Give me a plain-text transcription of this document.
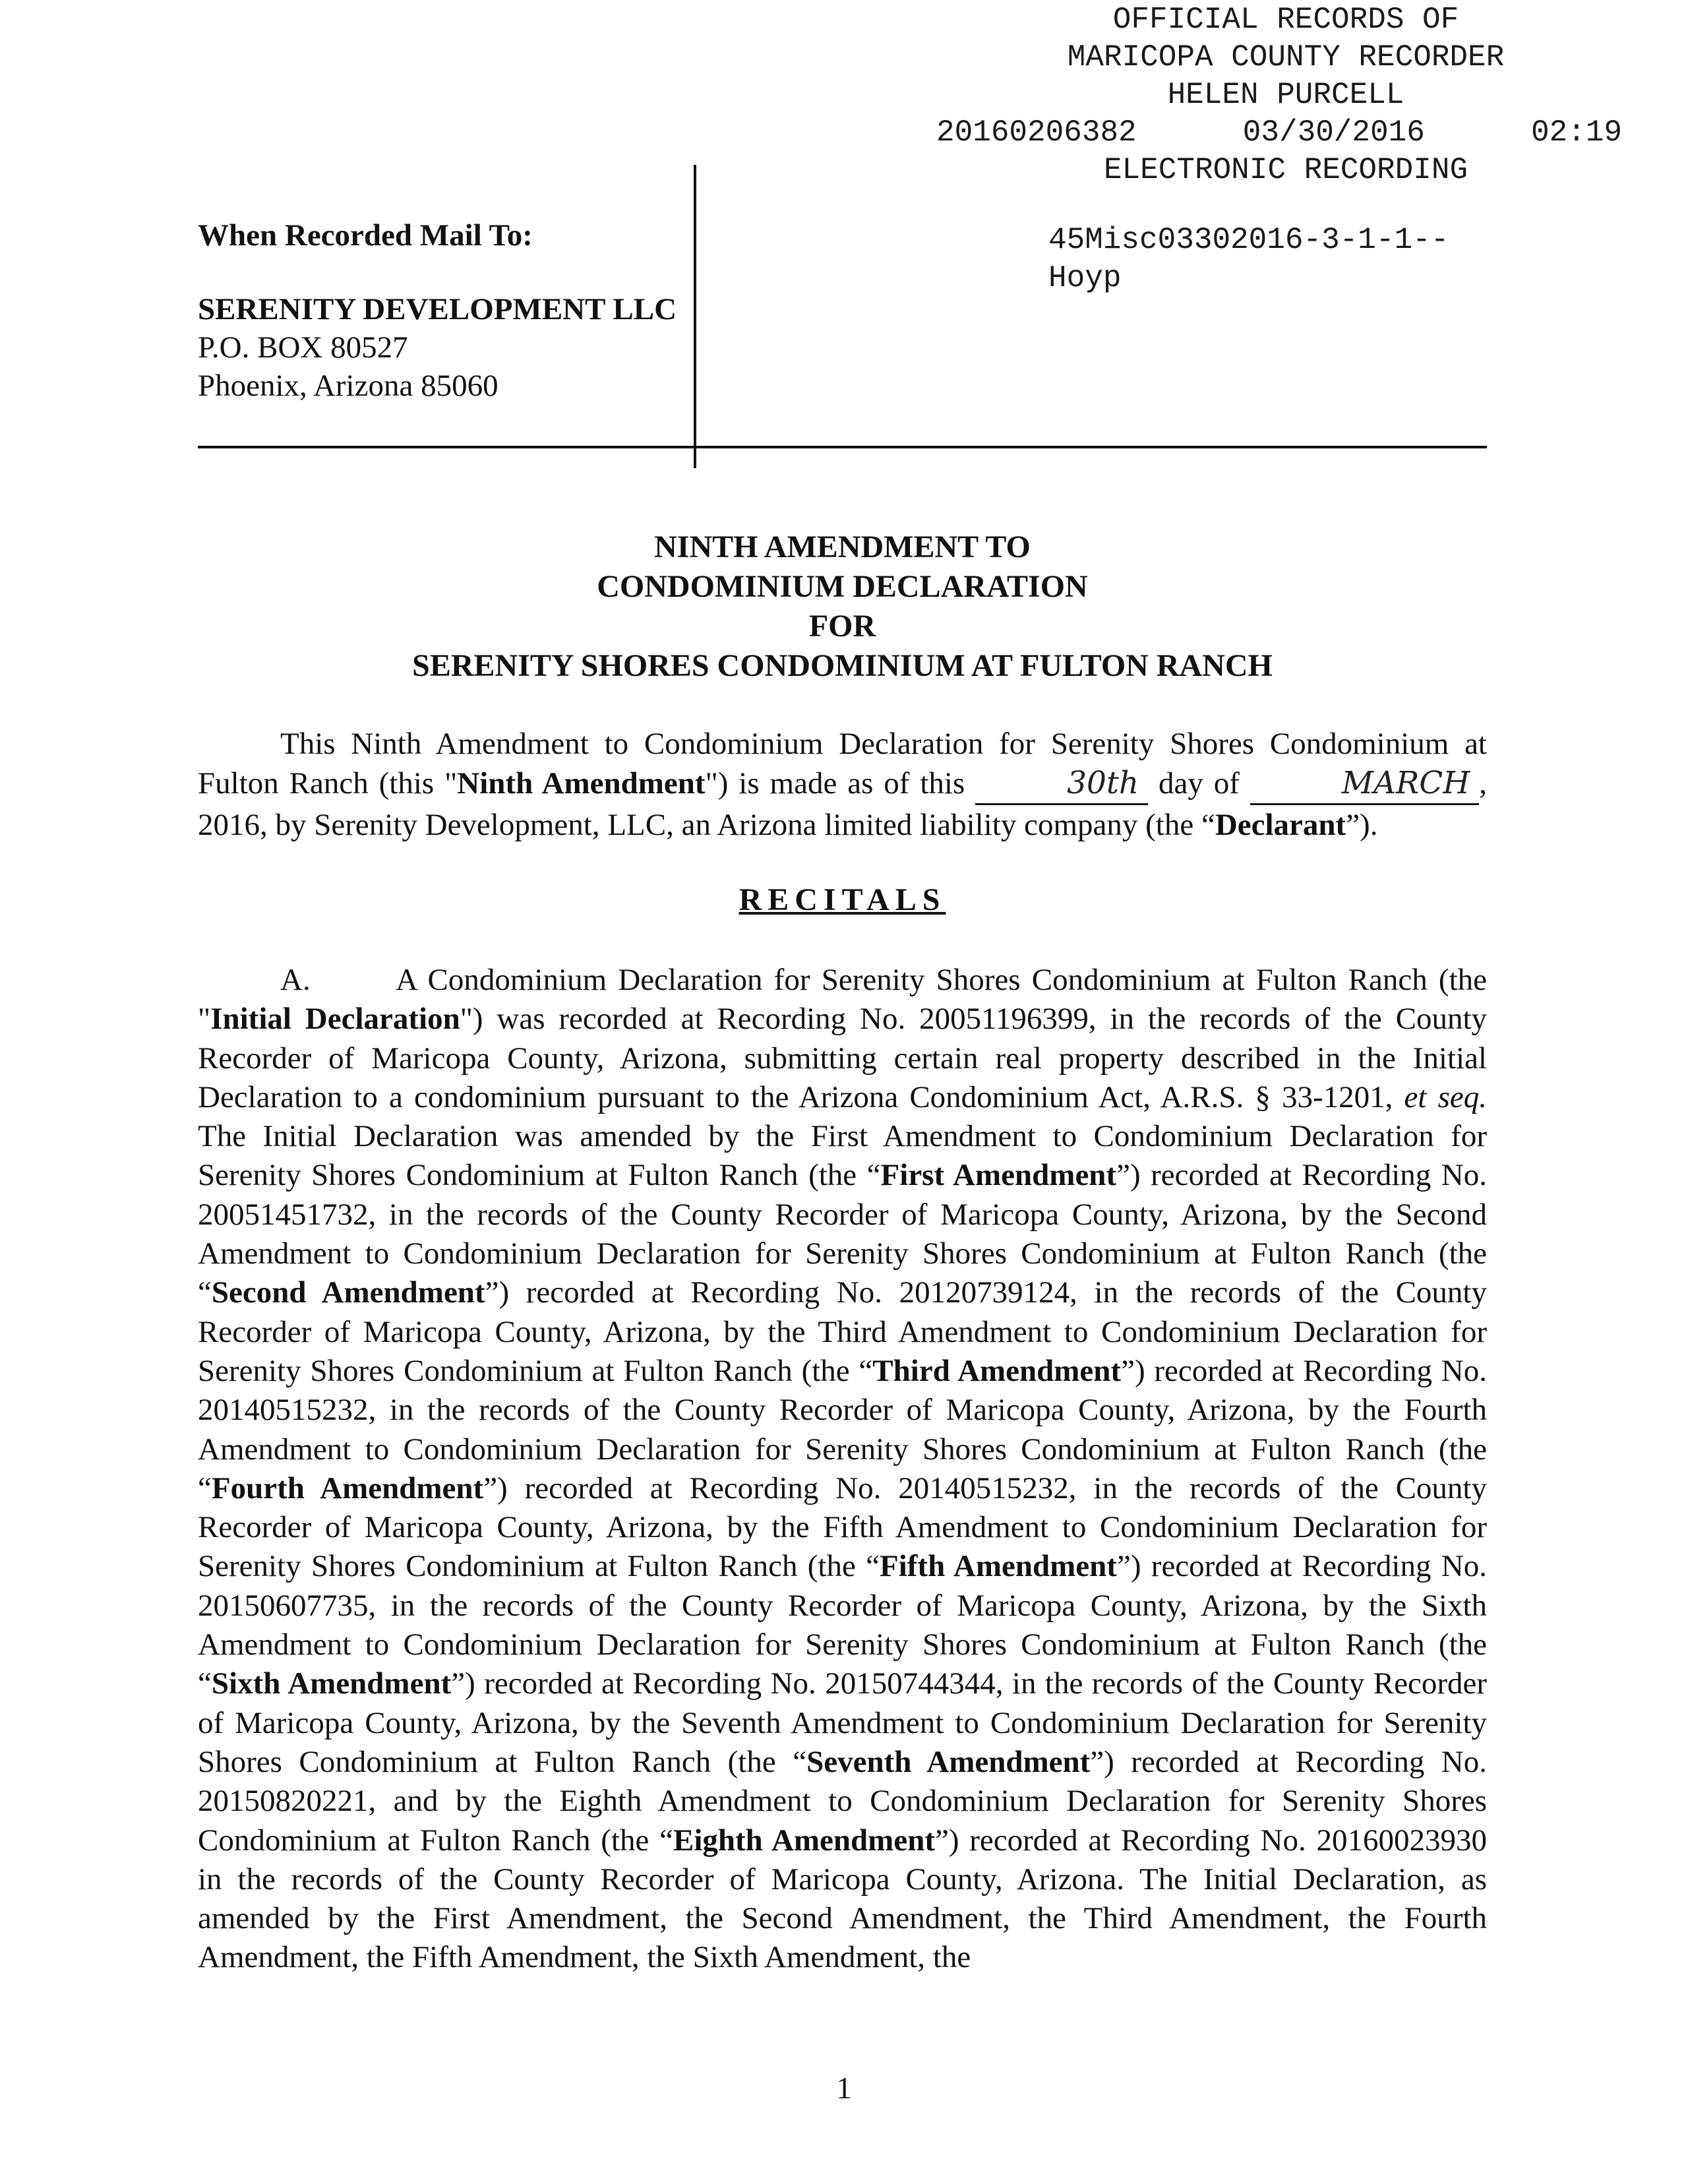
OFFICIAL RECORDS OF
MARICOPA COUNTY RECORDER
HELEN PURCELL
20160206382	03/30/2016	02:19
ELECTRONIC RECORDING
When Recorded Mail To:
SERENITY DEVELOPMENT LLC
P.O. BOX 80527
Phoenix, Arizona 85060
45Misc03302016-3-1-1--
Hoyp
NINTH AMENDMENT TO
CONDOMINIUM DECLARATION
FOR
SERENITY SHORES CONDOMINIUM AT FULTON RANCH

This Ninth Amendment to Condominium Declaration for Serenity Shores Condominium at Fulton Ranch (this "Ninth Amendment") is made as of this	30th day of	MARCH , 2016, by Serenity Development, LLC, an Arizona limited liability company (the “Declarant”).

RECITALS

A.	A Condominium Declaration for Serenity Shores Condominium at Fulton Ranch (the "Initial Declaration") was recorded at Recording No. 20051196399, in the records of the County Recorder of Maricopa County, Arizona, submitting certain real property described in the Initial Declaration to a condominium pursuant to the Arizona Condominium Act, A.R.S. § 33-1201, et seq. The Initial Declaration was amended by the First Amendment to Condominium Declaration for Serenity Shores Condominium at Fulton Ranch (the “First Amendment”) recorded at Recording No. 20051451732, in the records of the County Recorder of Maricopa County, Arizona, by the Second Amendment to Condominium Declaration for Serenity Shores Condominium at Fulton Ranch (the “Second Amendment”) recorded at Recording No. 20120739124, in the records of the County Recorder of Maricopa County, Arizona, by the Third Amendment to Condominium Declaration for Serenity Shores Condominium at Fulton Ranch (the “Third Amendment”) recorded at Recording No. 20140515232, in the records of the County Recorder of Maricopa County, Arizona, by the Fourth Amendment to Condominium Declaration for Serenity Shores Condominium at Fulton Ranch (the “Fourth Amendment”) recorded at Recording No. 20140515232, in the records of the County Recorder of Maricopa County, Arizona, by the Fifth Amendment to Condominium Declaration for Serenity Shores Condominium at Fulton Ranch (the “Fifth Amendment”) recorded at Recording No. 20150607735, in the records of the County Recorder of Maricopa County, Arizona, by the Sixth Amendment to Condominium Declaration for Serenity Shores Condominium at Fulton Ranch (the “Sixth Amendment”) recorded at Recording No. 20150744344, in the records of the County Recorder of Maricopa County, Arizona, by the Seventh Amendment to Condominium Declaration for Serenity Shores Condominium at Fulton Ranch (the “Seventh Amendment”) recorded at Recording No. 20150820221, and by the Eighth Amendment to Condominium Declaration for Serenity Shores Condominium at Fulton Ranch (the “Eighth Amendment”) recorded at Recording No. 20160023930 in the records of the County Recorder of Maricopa County, Arizona. The Initial Declaration, as amended by the First Amendment, the Second Amendment, the Third Amendment, the Fourth Amendment, the Fifth Amendment, the Sixth Amendment, the

1
